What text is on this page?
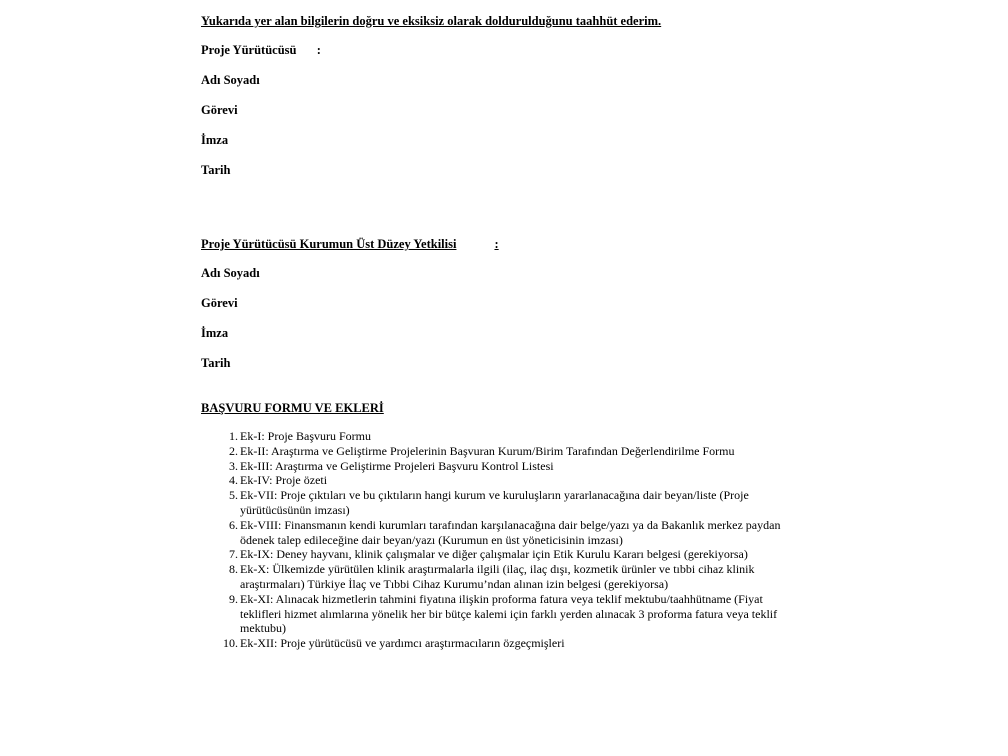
Yukarıda yer alan bilgilerin doğru ve eksiksiz olarak doldurulduğunu taahhüt ederim.
Proje Yürütücüsü :
Adı Soyadı
Görevi
İmza
Tarih
Proje Yürütücüsü Kurumun Üst Düzey Yetkilisi	:
Adı Soyadı
Görevi
İmza
Tarih
BAŞVURU FORMU VE EKLERİ
1. Ek-I: Proje Başvuru Formu
2. Ek-II: Araştırma ve Geliştirme Projelerinin Başvuran Kurum/Birim Tarafından Değerlendirilme Formu
3. Ek-III: Araştırma ve Geliştirme Projeleri Başvuru Kontrol Listesi
4. Ek-IV: Proje özeti
5. Ek-VII: Proje çıktıları ve bu çıktıların hangi kurum ve kuruluşların yararlanacağına dair beyan/liste (Proje yürütücüsünün imzası)
6. Ek-VIII: Finansmanın kendi kurumları tarafından karşılanacağına dair belge/yazı ya da Bakanlık merkez paydan ödenek talep edileceğine dair beyan/yazı (Kurumun en üst yöneticisinin imzası)
7. Ek-IX: Deney hayvanı, klinik çalışmalar ve diğer çalışmalar için Etik Kurulu Kararı belgesi (gerekiyorsa)
8. Ek-X: Ülkemizde yürütülen klinik araştırmalarla ilgili (ilaç, ilaç dışı, kozmetik ürünler ve tıbbi cihaz klinik araştırmaları) Türkiye İlaç ve Tıbbi Cihaz Kurumu’ndan alınan izin belgesi (gerekiyorsa)
9. Ek-XI: Alınacak hizmetlerin tahmini fiyatına ilişkin proforma fatura veya teklif mektubu/taahhütname (Fiyat teklifleri hizmet alımlarına yönelik her bir bütçe kalemi için farklı yerden alınacak 3 proforma fatura veya teklif mektubu)
10. Ek-XII: Proje yürütücüsü ve yardımcı araştırmacıların özgeçmişleri
